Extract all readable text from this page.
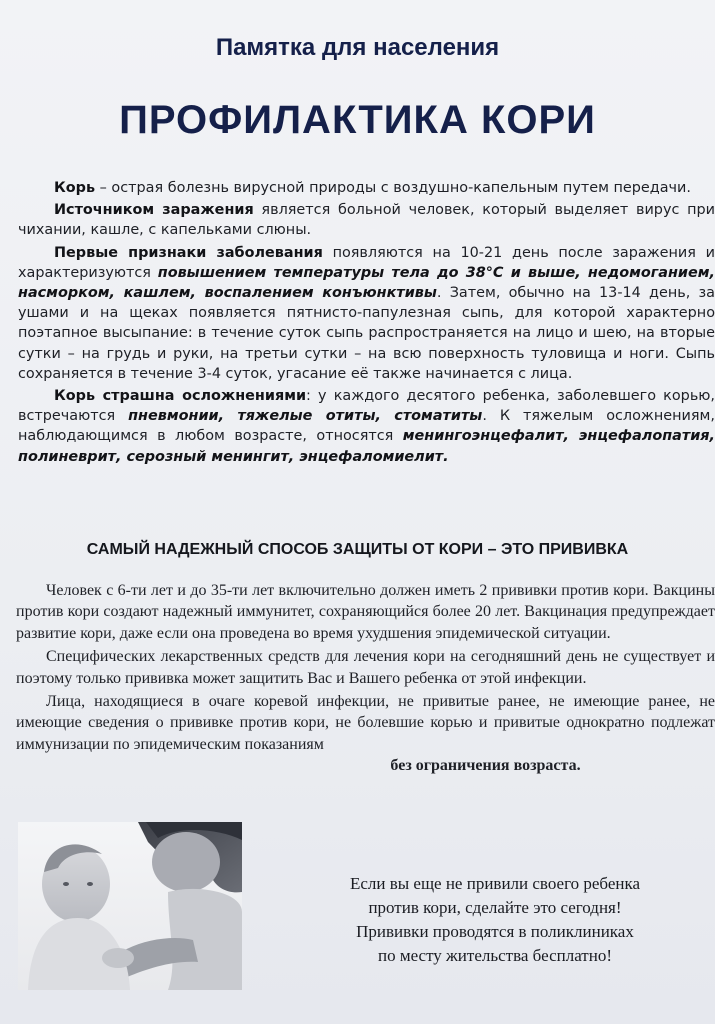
Памятка для населения
ПРОФИЛАКТИКА КОРИ

Корь – острая болезнь вирусной природы с воздушно-капельным путем передачи.

Источником заражения является больной человек, который выделяет вирус при чихании, кашле, с капельками слюны.

Первые признаки заболевания появляются на 10-21 день после заражения и характеризуются повышением температуры тела до 38°С и выше, недомоганием, насморком, кашлем, воспалением конъюнктивы. Затем, обычно на 13-14 день, за ушами и на щеках появляется пятнисто-папулезная сыпь, для которой характерно поэтапное высыпание: в течение суток сыпь распространяется на лицо и шею, на вторые сутки – на грудь и руки, на третьи сутки – на всю поверхность туловища и ноги. Сыпь сохраняется в течение 3-4 суток, угасание её также начинается с лица.

Корь страшна осложнениями: у каждого десятого ребенка, заболевшего корью, встречаются пневмонии, тяжелые отиты, стоматиты. К тяжелым осложнениям, наблюдающимся в любом возрасте, относятся менингоэнцефалит, энцефалопатия, полиневрит, серозный менингит, энцефаломиелит.

САМЫЙ НАДЕЖНЫЙ СПОСОБ ЗАЩИТЫ ОТ КОРИ – ЭТО ПРИВИВКА

Человек с 6-ти лет и до 35-ти лет включительно должен иметь 2 прививки против кори. Вакцины против кори создают надежный иммунитет, сохраняющийся более 20 лет. Вакцинация предупреждает развитие кори, даже если она проведена во время ухудшения эпидемической ситуации.

Специфических лекарственных средств для лечения кори на сегодняшний день не существует и поэтому только прививка может защитить Вас и Вашего ребенка от этой инфекции.

Лица, находящиеся в очаге коревой инфекции, не привитые ранее, не имеющие ранее, не имеющие сведения о прививке против кори, не болевшие корью и привитые однократно подлежат иммунизации по эпидемическим показаниям

без ограничения возраста.

Если вы еще не привили своего ребенка
против кори, сделайте это сегодня!
Прививки проводятся в поликлиниках
по месту жительства бесплатно!
